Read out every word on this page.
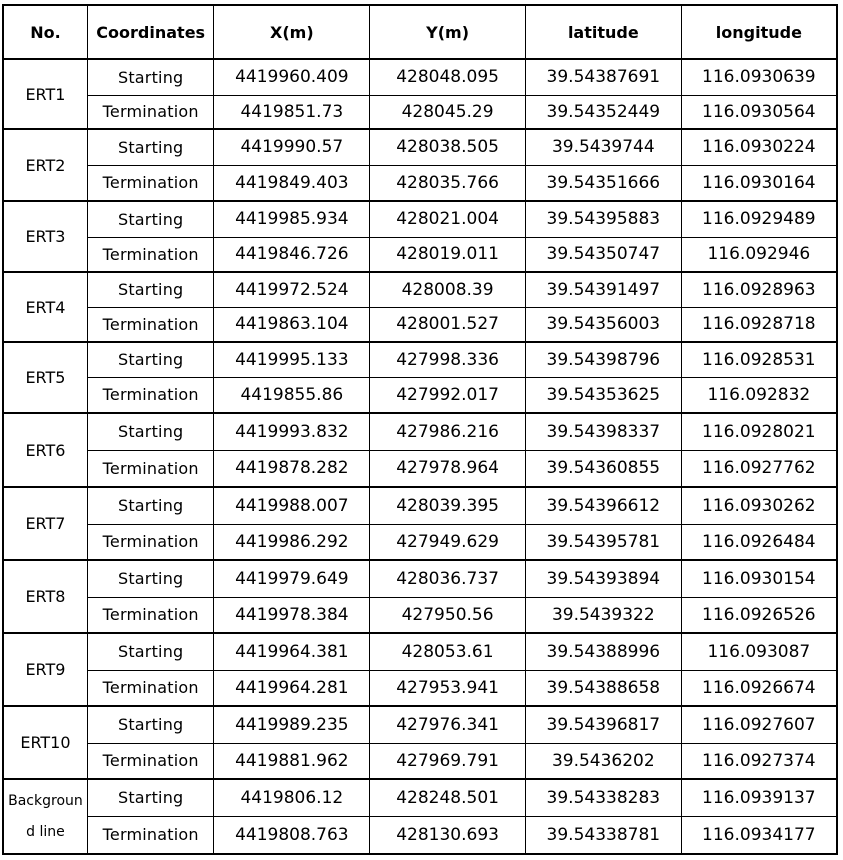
No.	Coordinates	X(m)	Y(m)	latitude	longitude
ERT1	Starting	4419960.409	428048.095	39.54387691	116.0930639
	Termination	4419851.73	428045.29	39.54352449	116.0930564
ERT2	Starting	4419990.57	428038.505	39.5439744	116.0930224
	Termination	4419849.403	428035.766	39.54351666	116.0930164
ERT3	Starting	4419985.934	428021.004	39.54395883	116.0929489
	Termination	4419846.726	428019.011	39.54350747	116.092946
ERT4	Starting	4419972.524	428008.39	39.54391497	116.0928963
	Termination	4419863.104	428001.527	39.54356003	116.0928718
ERT5	Starting	4419995.133	427998.336	39.54398796	116.0928531
	Termination	4419855.86	427992.017	39.54353625	116.092832
ERT6	Starting	4419993.832	427986.216	39.54398337	116.0928021
	Termination	4419878.282	427978.964	39.54360855	116.0927762
ERT7	Starting	4419988.007	428039.395	39.54396612	116.0930262
	Termination	4419986.292	427949.629	39.54395781	116.0926484
ERT8	Starting	4419979.649	428036.737	39.54393894	116.0930154
	Termination	4419978.384	427950.56	39.5439322	116.0926526
ERT9	Starting	4419964.381	428053.61	39.54388996	116.093087
	Termination	4419964.281	427953.941	39.54388658	116.0926674
ERT10	Starting	4419989.235	427976.341	39.54396817	116.0927607
	Termination	4419881.962	427969.791	39.5436202	116.0927374
Background line	Starting	4419806.12	428248.501	39.54338283	116.0939137
	Termination	4419808.763	428130.693	39.54338781	116.0934177
